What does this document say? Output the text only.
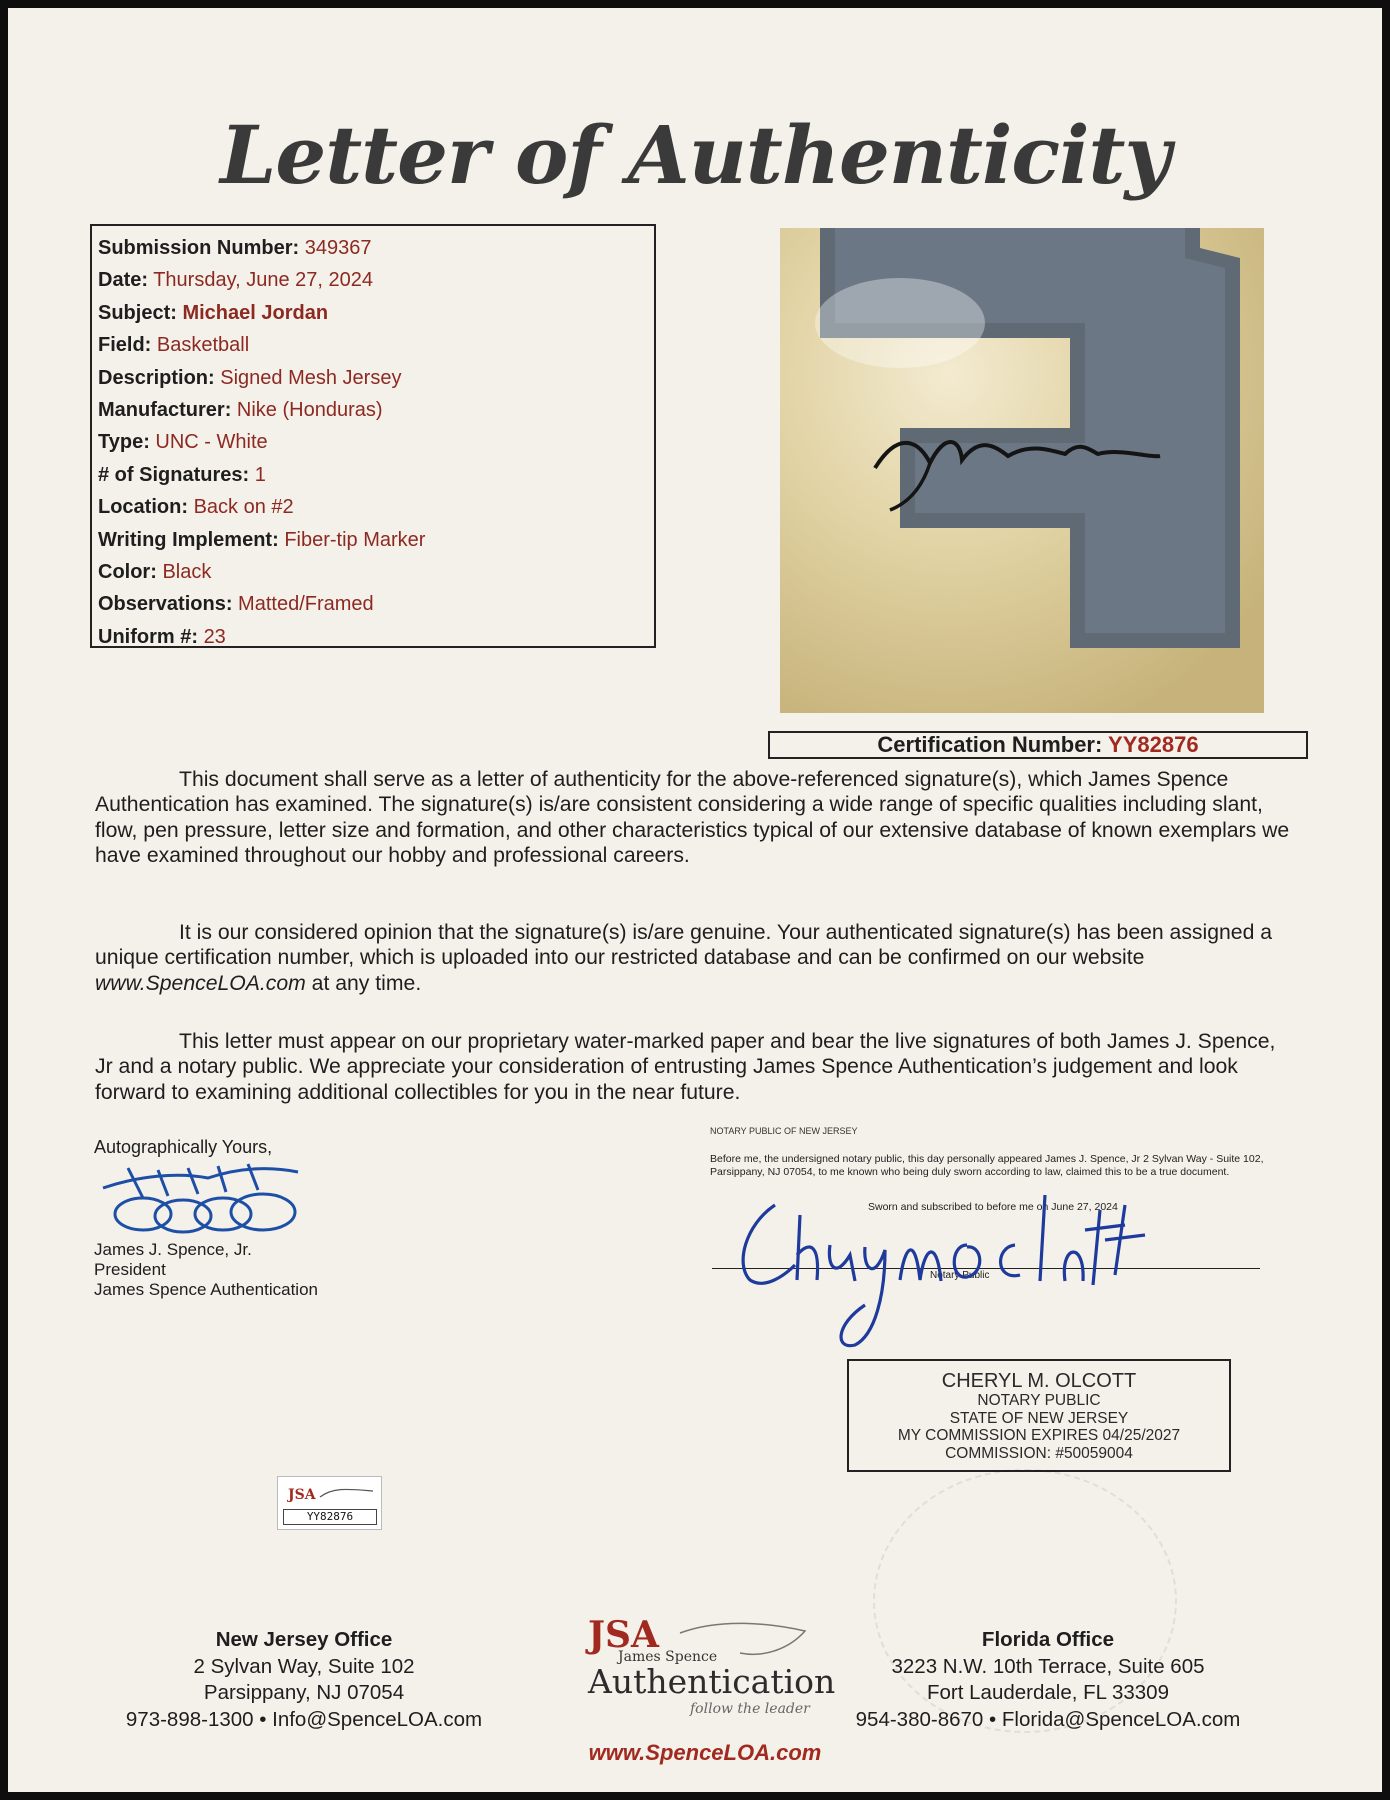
Letter of Authenticity
Submission Number: 349367
Date: Thursday, June 27, 2024
Subject: Michael Jordan
Field: Basketball
Description: Signed Mesh Jersey
Manufacturer: Nike (Honduras)
Type: UNC - White
# of Signatures: 1
Location: Back on #2
Writing Implement: Fiber-tip Marker
Color: Black
Observations: Matted/Framed
Uniform #: 23
Certification Number: YY82876
This document shall serve as a letter of authenticity for the above-referenced signature(s), which James Spence Authentication has examined. The signature(s) is/are consistent considering a wide range of specific qualities including slant, flow, pen pressure, letter size and formation, and other characteristics typical of our extensive database of known exemplars we have examined throughout our hobby and professional careers.
It is our considered opinion that the signature(s) is/are genuine. Your authenticated signature(s) has been assigned a unique certification number, which is uploaded into our restricted database and can be confirmed on our website www.SpenceLOA.com at any time.
This letter must appear on our proprietary water-marked paper and bear the live signatures of both James J. Spence, Jr and a notary public. We appreciate your consideration of entrusting James Spence Authentication’s judgement and look forward to examining additional collectibles for you in the near future.
Autographically Yours,
James J. Spence, Jr.
President
James Spence Authentication
NOTARY PUBLIC OF NEW JERSEY
Before me, the undersigned notary public, this day personally appeared James J. Spence, Jr 2 Sylvan Way - Suite 102, Parsippany, NJ 07054, to me known who being duly sworn according to law, claimed this to be a true document.
Sworn and subscribed to before me on June 27, 2024
Notary Public
CHERYL M. OLCOTT
NOTARY PUBLIC
STATE OF NEW JERSEY
MY COMMISSION EXPIRES 04/25/2027
COMMISSION: #50059004
JSA
YY82876
New Jersey Office
2 Sylvan Way, Suite 102
Parsippany, NJ 07054
973-898-1300 • Info@SpenceLOA.com
JSA
James Spence
Authentication
follow the leader
www.SpenceLOA.com
Florida Office
3223 N.W. 10th Terrace, Suite 605
Fort Lauderdale, FL 33309
954-380-8670 • Florida@SpenceLOA.com
